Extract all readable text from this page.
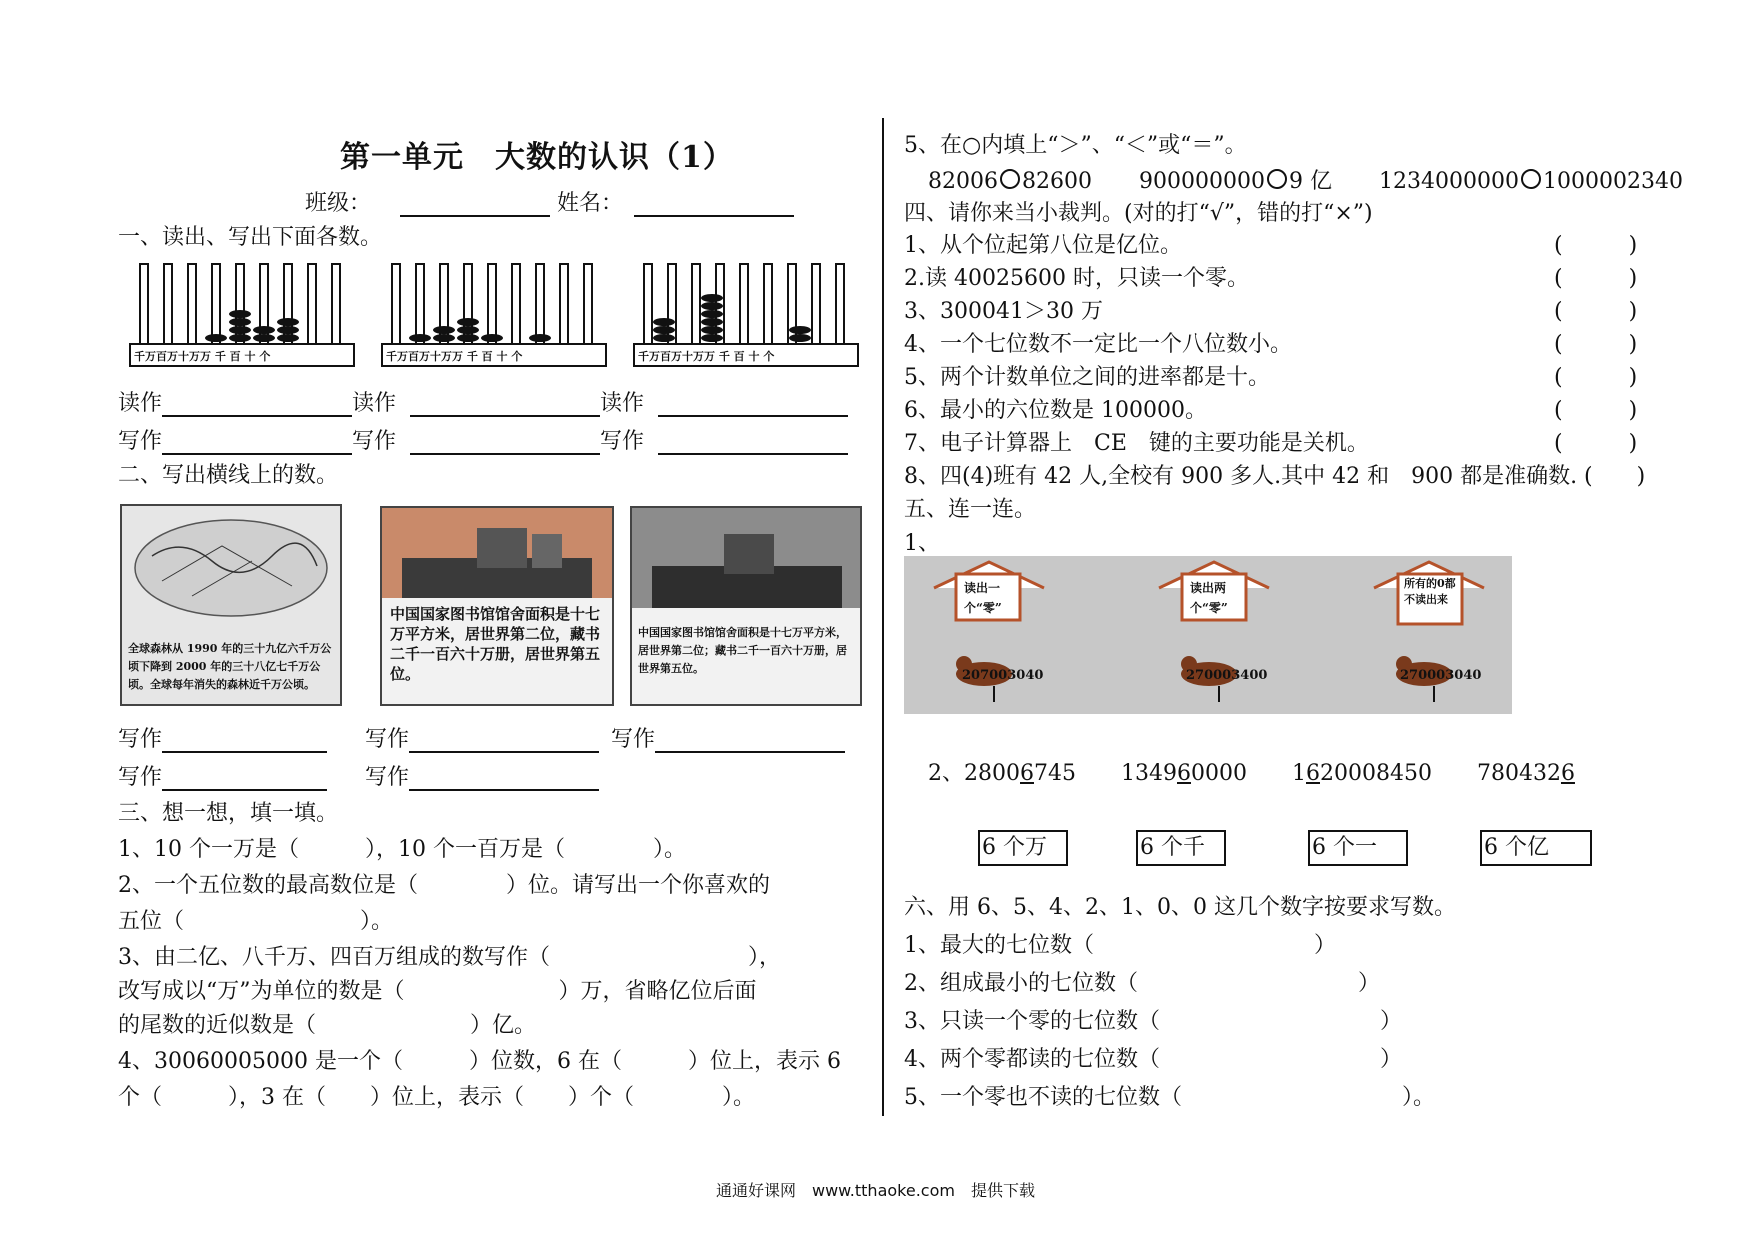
第一单元　大数的认识（1）
班级：	姓名：
一、读出、写出下面各数。
千万百万十万万 千 百 十 个	千万百万十万万 千 百 十 个	千万百万十万万 千 百 十 个
读作	读作	读作
写作	写作	写作
二、写出横线上的数。
全球森林从 1990 年的三十九亿六千万公顷下降到 2000 年的三十八亿七千万公顷。全球每年消失的森林近千万公顷。
中国国家图书馆馆舍面积是十七万平方米，居世界第二位，藏书二千一百六十万册，居世界第五位。
中国国家图书馆馆舍面积是十七万平方米，居世界第二位；藏书二千一百六十万册，居世界第五位。
写作	写作	写作
写作	写作
三、想一想，填一填。
1、10 个一万是（　　　），10 个一百万是（　　　　）。
2、一个五位数的最高数位是（　　　　）位。请写出一个你喜欢的
五位（　　　　　　　　）。
3、由二亿、八千万、四百万组成的数写作（　　　　　　　　　），
改写成以“万”为单位的数是（　　　　　　　）万，省略亿位后面
的尾数的近似数是（　　　　　　　）亿。
4、30060005000 是一个（　　　）位数，6 在（　　　）位上，表示 6
个（　　　），3 在（　　）位上，表示（　　）个（　　　　）。
5、在○内填上“＞”、“＜”或“＝”。
82006 82600 900000000 9 亿 1234000000 1000002340
四、请你来当小裁判。(对的打“√”，错的打“×”)
1、从个位起第八位是亿位。	(　　　)
2.读 40025600 时，只读一个零。	(　　　)
3、300041＞30 万	(　　　)
4、一个七位数不一定比一个八位数小。	(　　　)
5、两个计数单位之间的进率都是十。	(　　　)
6、最小的六位数是 100000。	(　　　)
7、电子计算器上　CE　键的主要功能是关机。	(　　　)
8、四(4)班有 42 人,全校有 900 多人.其中 42 和　900 都是准确数. (　　)
五、连一连。
1、
读出一个“零”
读出两个“零”
所有的0都不读出来
207003040	270003400	270003040
2、28006745 134960000 1620008450 7804326
6 个万	6 个千	6 个一	6 个亿
六、用 6、5、4、2、1、0、0 这几个数字按要求写数。
1、最大的七位数（　　　　　　　　　　）
2、组成最小的七位数（　　　　　　　　　　）
3、只读一个零的七位数（　　　　　　　　　　）
4、两个零都读的七位数（　　　　　　　　　　）
5、一个零也不读的七位数（　　　　　　　　　　）。
通通好课网　www.tthaoke.com　提供下载
